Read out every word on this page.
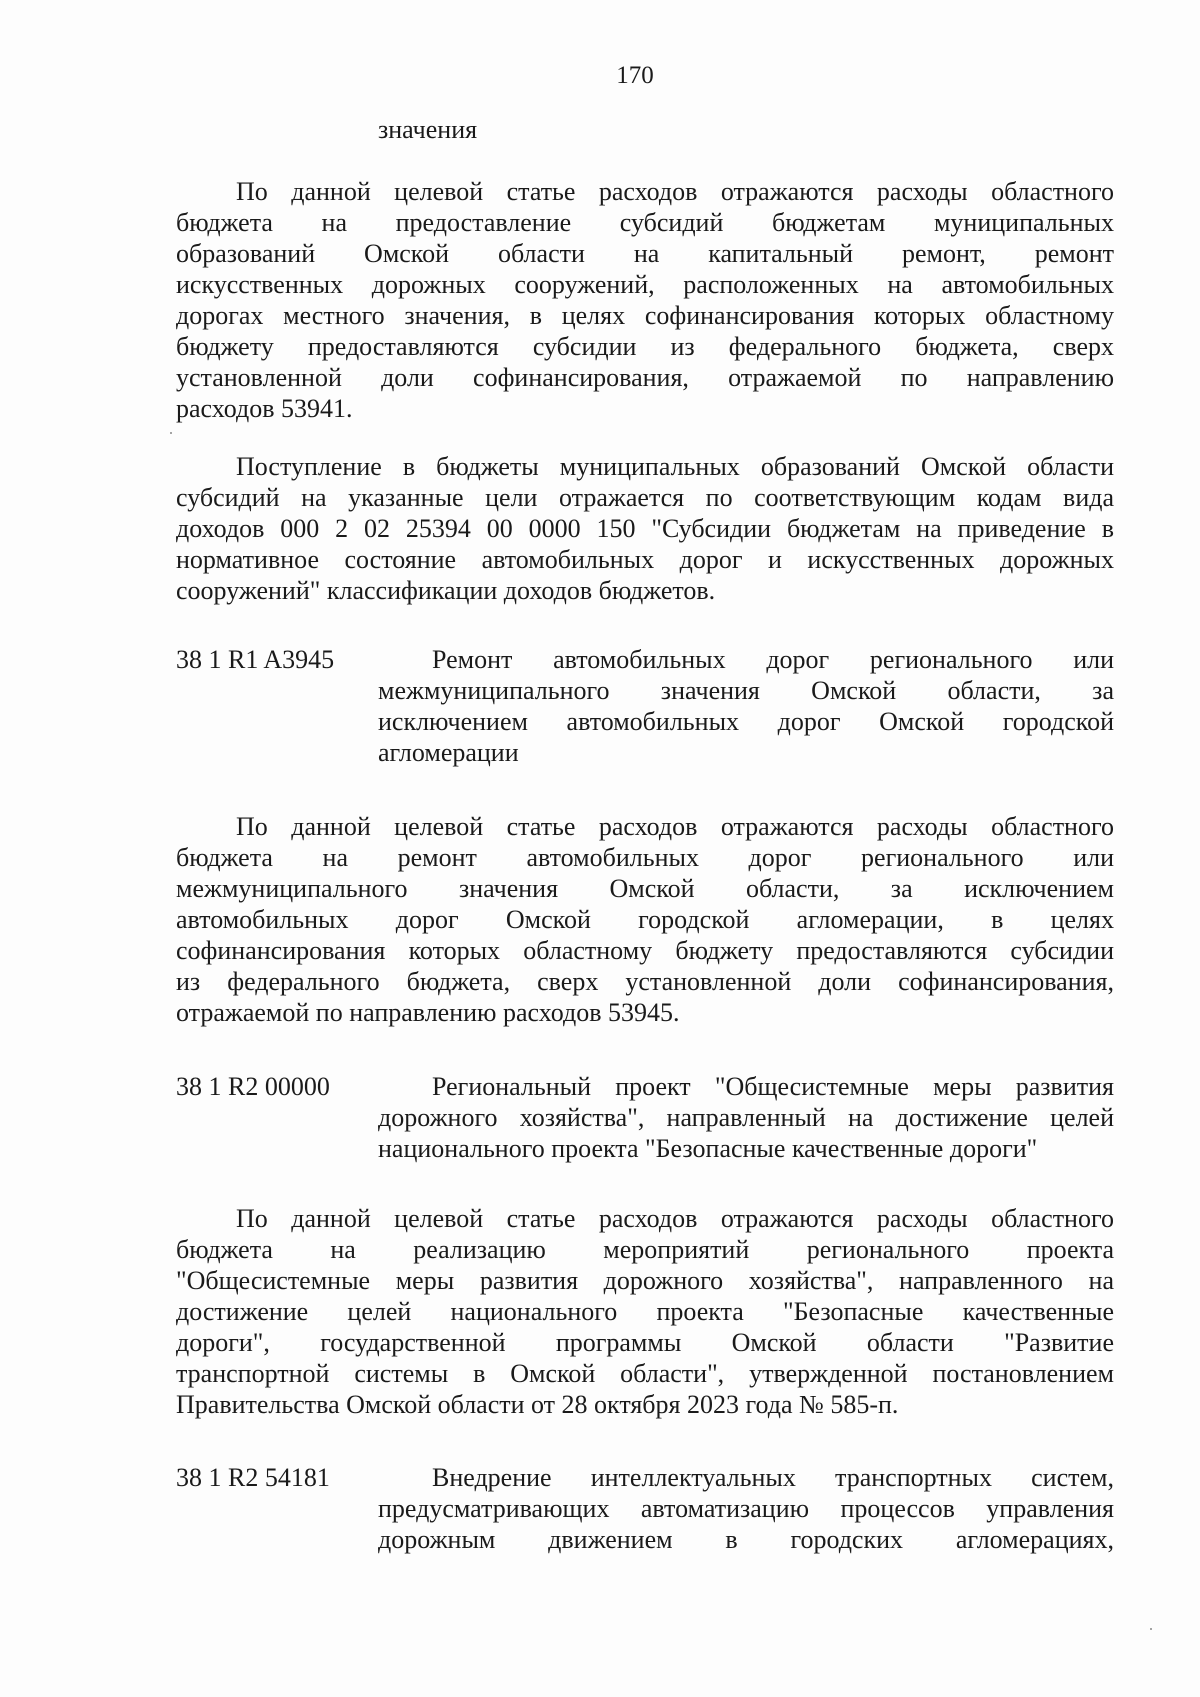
170
значения
По данной целевой статье расходов отражаются расходы областного
бюджета на предоставление субсидий бюджетам муниципальных
образований Омской области на капитальный ремонт, ремонт
искусственных дорожных сооружений, расположенных на автомобильных
дорогах местного значения, в целях софинансирования которых областному
бюджету предоставляются субсидии из федерального бюджета, сверх
установленной доли софинансирования, отражаемой по направлению
расходов 53941.
Поступление в бюджеты муниципальных образований Омской области
субсидий на указанные цели отражается по соответствующим кодам вида
доходов 000 2 02 25394 00 0000 150 "Субсидии бюджетам на приведение в
нормативное состояние автомобильных дорог и искусственных дорожных
сооружений" классификации доходов бюджетов.
38 1 R1 A3945	Ремонт автомобильных дорог регионального или
межмуниципального значения Омской области, за
исключением автомобильных дорог Омской городской
агломерации
По данной целевой статье расходов отражаются расходы областного
бюджета на ремонт автомобильных дорог регионального или
межмуниципального значения Омской области, за исключением
автомобильных дорог Омской городской агломерации, в целях
софинансирования которых областному бюджету предоставляются субсидии
из федерального бюджета, сверх установленной доли софинансирования,
отражаемой по направлению расходов 53945.
38 1 R2 00000	Региональный проект "Общесистемные меры развития
дорожного хозяйства", направленный на достижение целей
национального проекта "Безопасные качественные дороги"
По данной целевой статье расходов отражаются расходы областного
бюджета на реализацию мероприятий регионального проекта
"Общесистемные меры развития дорожного хозяйства", направленного на
достижение целей национального проекта "Безопасные качественные
дороги", государственной программы Омской области "Развитие
транспортной системы в Омской области", утвержденной постановлением
Правительства Омской области от 28 октября 2023 года № 585-п.
38 1 R2 54181	Внедрение интеллектуальных транспортных систем,
предусматривающих автоматизацию процессов управления
дорожным движением в городских агломерациях,
